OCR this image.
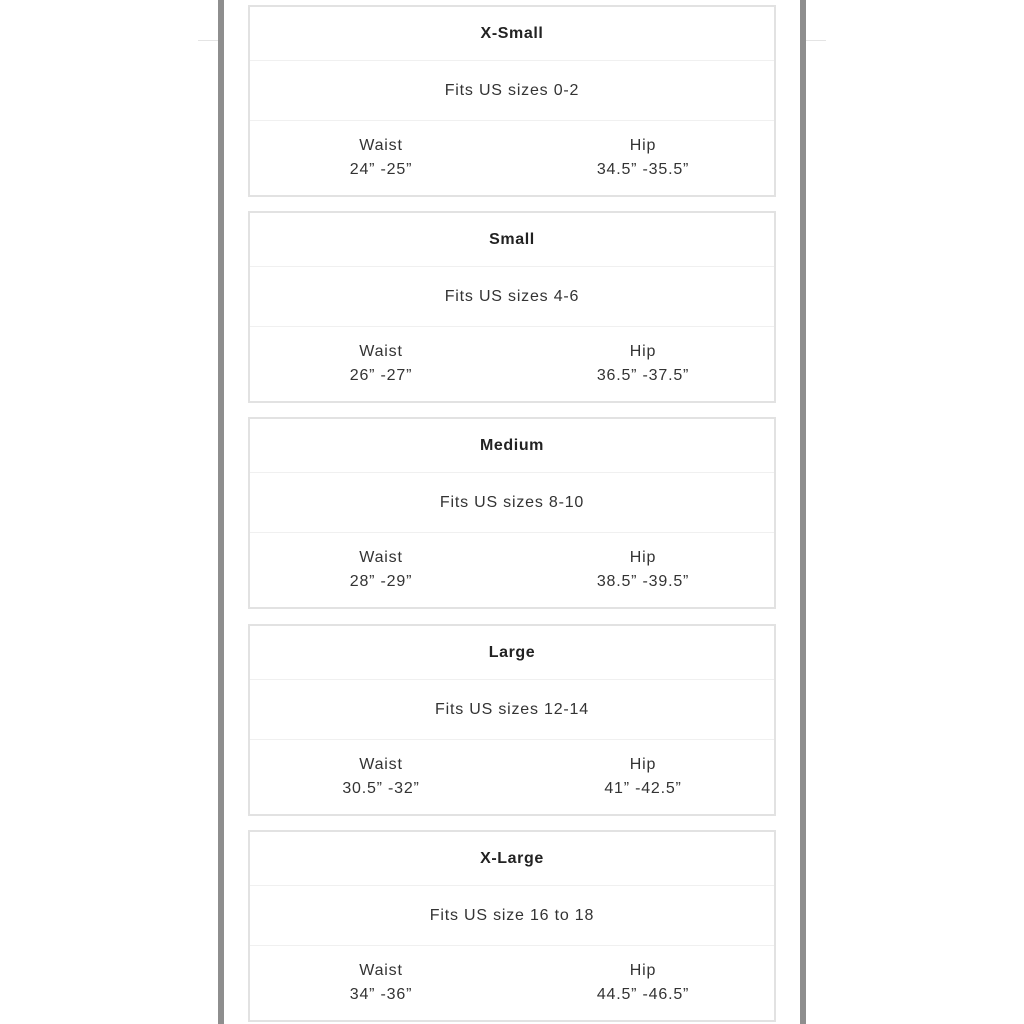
X-Small
Fits US sizes 0-2
Waist
24” -25”
Hip
34.5” -35.5”
Small
Fits US sizes 4-6
Waist
26” -27”
Hip
36.5” -37.5”
Medium
Fits US sizes 8-10
Waist
28” -29”
Hip
38.5” -39.5”
Large
Fits US sizes 12-14
Waist
30.5” -32”
Hip
41” -42.5”
X-Large
Fits US size 16 to 18
Waist
34” -36”
Hip
44.5” -46.5”
